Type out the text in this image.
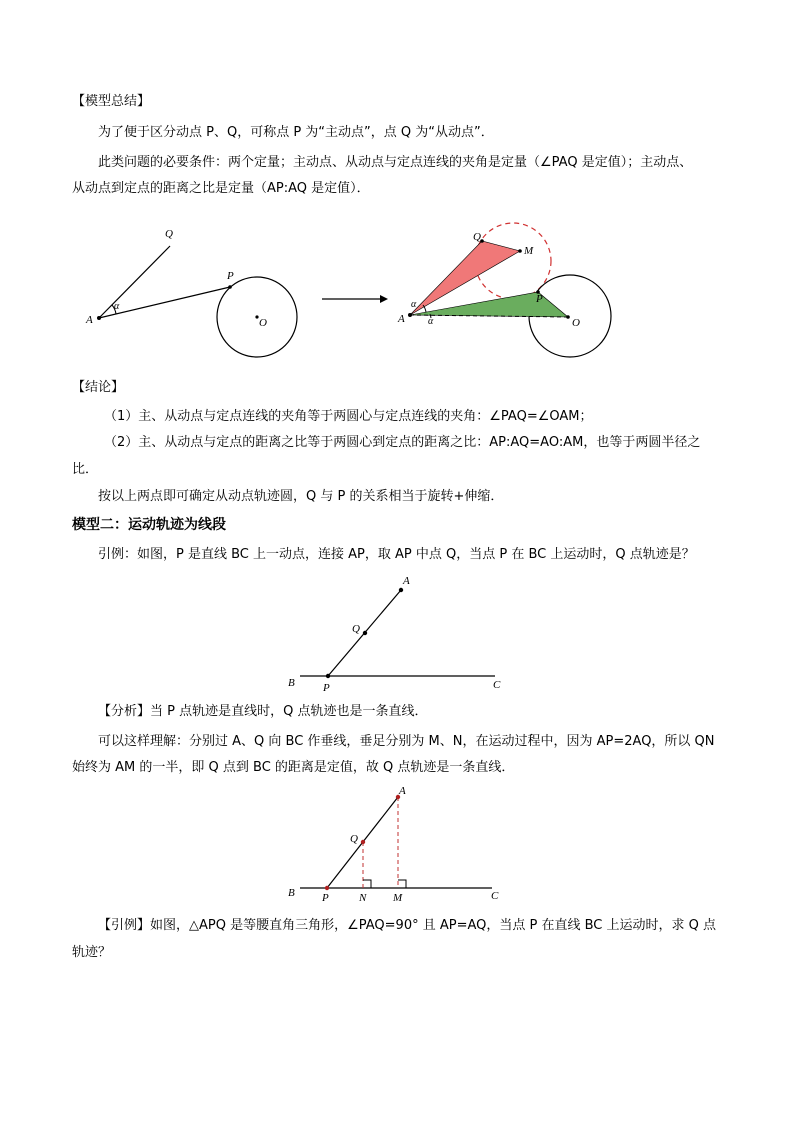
【模型总结】
为了便于区分动点 P、Q，可称点 P 为“主动点”，点 Q 为“从动点”．
此类问题的必要条件：两个定量；主动点、从动点与定点连线的夹角是定量（∠PAQ 是定值）；主动点、
从动点到定点的距离之比是定量（AP:AQ 是定值）．
Q
P
A
α
O
Q
M
P
A
α
α	O
【结论】
（1）主、从动点与定点连线的夹角等于两圆心与定点连线的夹角：∠PAQ=∠OAM；
（2）主、从动点与定点的距离之比等于两圆心到定点的距离之比：AP:AQ=AO:AM，也等于两圆半径之
比．
按以上两点即可确定从动点轨迹圆，Q 与 P 的关系相当于旋转+伸缩．
模型二：运动轨迹为线段
引例：如图，P 是直线 BC 上一动点，连接 AP，取 AP 中点 Q，当点 P 在 BC 上运动时，Q 点轨迹是？
A
Q
B	P	C
【分析】当 P 点轨迹是直线时，Q 点轨迹也是一条直线．
可以这样理解：分别过 A、Q 向 BC 作垂线，垂足分别为 M、N，在运动过程中，因为 AP=2AQ，所以 QN
始终为 AM 的一半，即 Q 点到 BC 的距离是定值，故 Q 点轨迹是一条直线．
A
Q
B P	N M	C
【引例】如图，△APQ 是等腰直角三角形，∠PAQ=90° 且 AP=AQ，当点 P 在直线 BC 上运动时，求 Q 点
轨迹？
